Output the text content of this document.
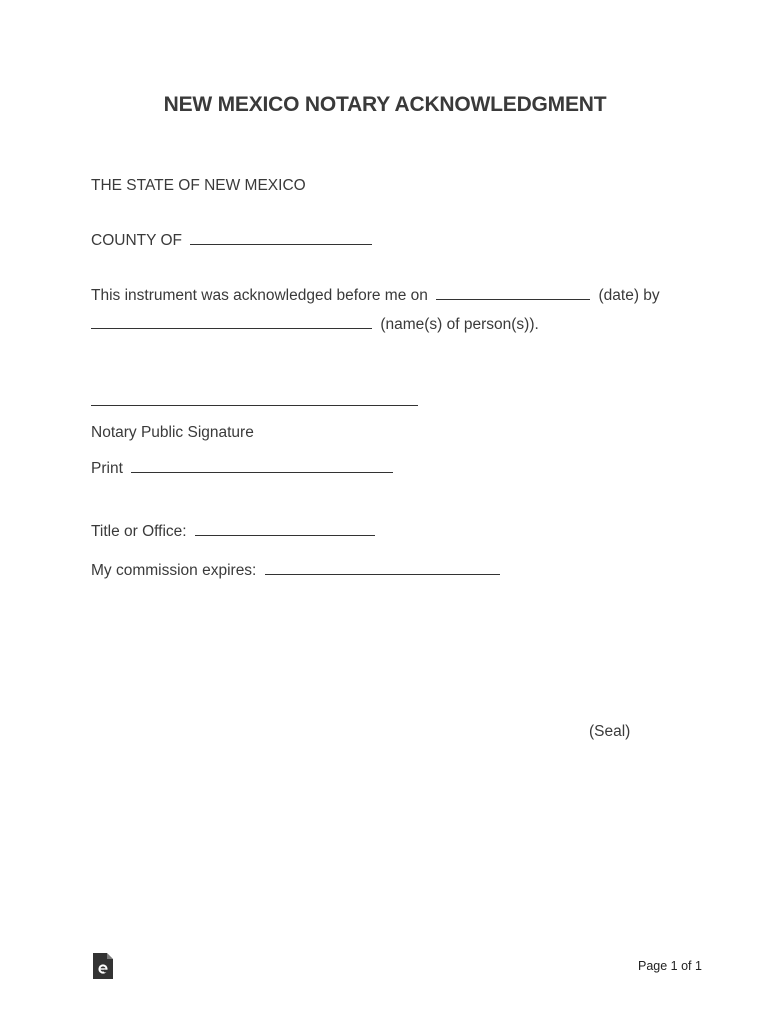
NEW MEXICO NOTARY ACKNOWLEDGMENT
THE STATE OF NEW MEXICO
COUNTY OF
This instrument was acknowledged before me on	(date) by
(name(s) of person(s)).
Notary Public Signature
Print
Title or Office:
My commission expires:
(Seal)
Page 1 of 1
